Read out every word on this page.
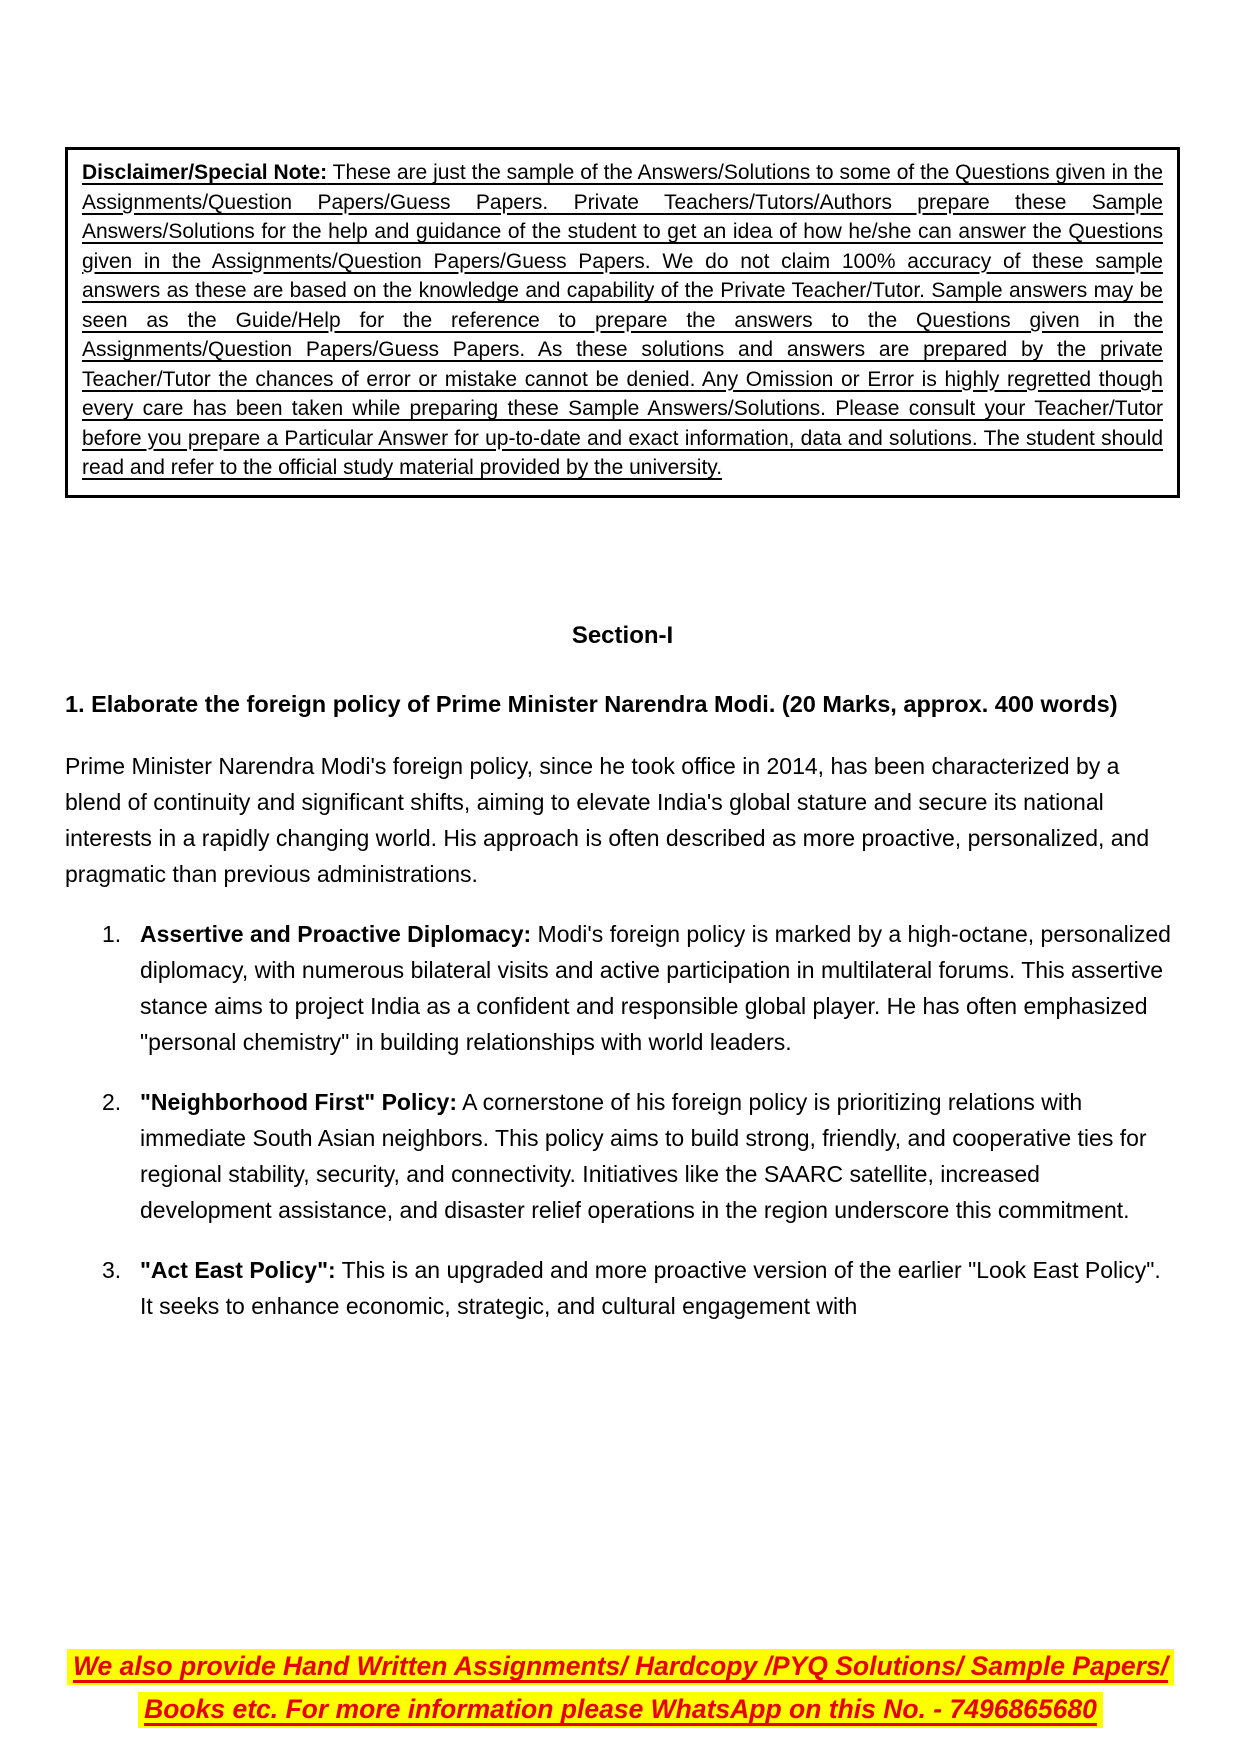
Disclaimer/Special Note: These are just the sample of the Answers/Solutions to some of the Questions given in the Assignments/Question Papers/Guess Papers. Private Teachers/Tutors/Authors prepare these Sample Answers/Solutions for the help and guidance of the student to get an idea of how he/she can answer the Questions given in the Assignments/Question Papers/Guess Papers. We do not claim 100% accuracy of these sample answers as these are based on the knowledge and capability of the Private Teacher/Tutor. Sample answers may be seen as the Guide/Help for the reference to prepare the answers to the Questions given in the Assignments/Question Papers/Guess Papers. As these solutions and answers are prepared by the private Teacher/Tutor the chances of error or mistake cannot be denied. Any Omission or Error is highly regretted though every care has been taken while preparing these Sample Answers/Solutions. Please consult your Teacher/Tutor before you prepare a Particular Answer for up-to-date and exact information, data and solutions. The student should read and refer to the official study material provided by the university.

Section-I
1. Elaborate the foreign policy of Prime Minister Narendra Modi. (20 Marks, approx. 400 words)
Prime Minister Narendra Modi's foreign policy, since he took office in 2014, has been characterized by a blend of continuity and significant shifts, aiming to elevate India's global stature and secure its national interests in a rapidly changing world. His approach is often described as more proactive, personalized, and pragmatic than previous administrations.
1. Assertive and Proactive Diplomacy: Modi's foreign policy is marked by a high-octane, personalized diplomacy, with numerous bilateral visits and active participation in multilateral forums. This assertive stance aims to project India as a confident and responsible global player. He has often emphasized "personal chemistry" in building relationships with world leaders.
2. "Neighborhood First" Policy: A cornerstone of his foreign policy is prioritizing relations with immediate South Asian neighbors. This policy aims to build strong, friendly, and cooperative ties for regional stability, security, and connectivity. Initiatives like the SAARC satellite, increased development assistance, and disaster relief operations in the region underscore this commitment.
3. "Act East Policy": This is an upgraded and more proactive version of the earlier "Look East Policy". It seeks to enhance economic, strategic, and cultural engagement with
We also provide Hand Written Assignments/ Hardcopy /PYQ Solutions/ Sample Papers/
Books etc. For more information please WhatsApp on this No. - 7496865680
